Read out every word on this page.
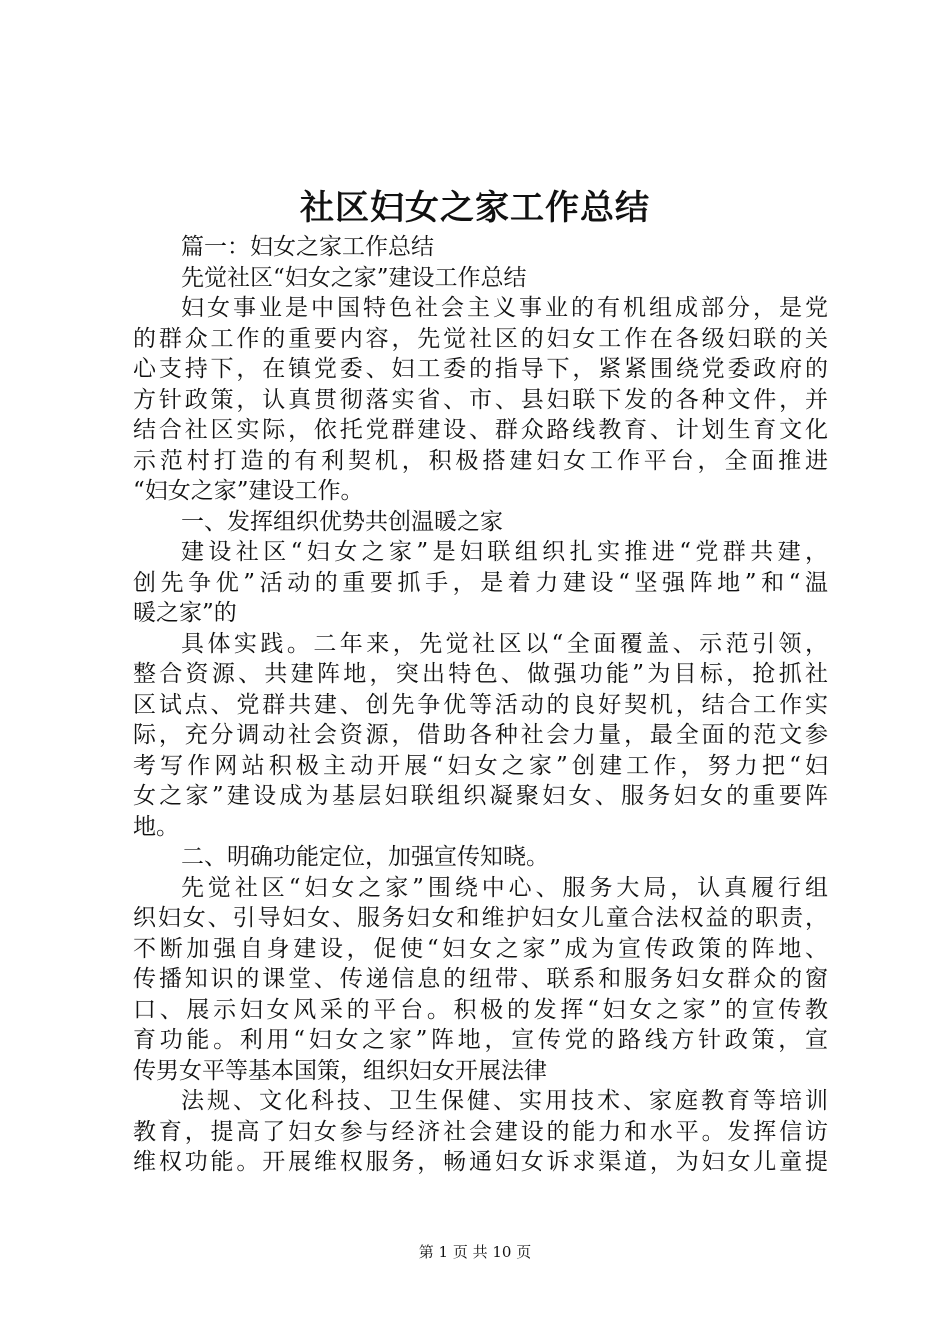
社区妇女之家工作总结
篇一：妇女之家工作总结
先觉社区“妇女之家”建设工作总结
妇女事业是中国特色社会主义事业的有机组成部分，是党
的群众工作的重要内容，先觉社区的妇女工作在各级妇联的关
心支持下，在镇党委、妇工委的指导下，紧紧围绕党委政府的
方针政策，认真贯彻落实省、市、县妇联下发的各种文件，并
结合社区实际，依托党群建设、群众路线教育、计划生育文化
示范村打造的有利契机，积极搭建妇女工作平台，全面推进
“妇女之家”建设工作。
一、发挥组织优势共创温暖之家
建设社区“妇女之家”是妇联组织扎实推进“党群共建，
创先争优”活动的重要抓手，是着力建设“坚强阵地”和“温
暖之家”的
具体实践。二年来，先觉社区以“全面覆盖、示范引领，
整合资源、共建阵地，突出特色、做强功能”为目标，抢抓社
区试点、党群共建、创先争优等活动的良好契机，结合工作实
际，充分调动社会资源，借助各种社会力量，最全面的范文参
考写作网站积极主动开展“妇女之家”创建工作，努力把“妇
女之家”建设成为基层妇联组织凝聚妇女、服务妇女的重要阵
地。
二、明确功能定位，加强宣传知晓。
先觉社区“妇女之家”围绕中心、服务大局，认真履行组
织妇女、引导妇女、服务妇女和维护妇女儿童合法权益的职责，
不断加强自身建设，促使“妇女之家”成为宣传政策的阵地、
传播知识的课堂、传递信息的纽带、联系和服务妇女群众的窗
口、展示妇女风采的平台。积极的发挥“妇女之家”的宣传教
育功能。利用“妇女之家”阵地，宣传党的路线方针政策，宣
传男女平等基本国策，组织妇女开展法律
法规、文化科技、卫生保健、实用技术、家庭教育等培训
教育，提高了妇女参与经济社会建设的能力和水平。发挥信访
维权功能。开展维权服务，畅通妇女诉求渠道，为妇女儿童提
第 1 页 共 10 页
